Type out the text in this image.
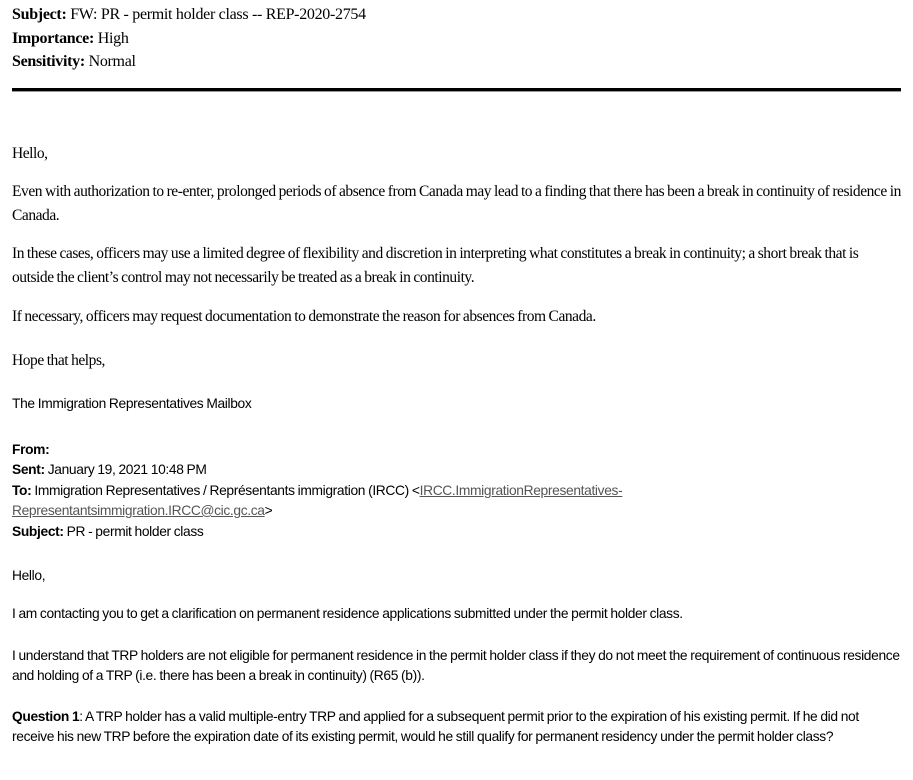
Subject: FW: PR - permit holder class -- REP-2020-2754
Importance: High
Sensitivity: Normal

Hello,

Even with authorization to re-enter, prolonged periods of absence from Canada may lead to a finding that there has been a break in continuity of residence in Canada.

In these cases, officers may use a limited degree of flexibility and discretion in interpreting what constitutes a break in continuity; a short break that is outside the client’s control may not necessarily be treated as a break in continuity.

If necessary, officers may request documentation to demonstrate the reason for absences from Canada.

Hope that helps,

The Immigration Representatives Mailbox

From:

Sent: January 19, 2021 10:48 PM

To: Immigration Representatives / Représentants immigration (IRCC) <IRCC.ImmigrationRepresentatives-Representantsimmigration.IRCC@cic.gc.ca>

Subject: PR - permit holder class

Hello,

I am contacting you to get a clarification on permanent residence applications submitted under the permit holder class.

I understand that TRP holders are not eligible for permanent residence in the permit holder class if they do not meet the requirement of continuous residence and holding of a TRP (i.e. there has been a break in continuity) (R65 (b)).

Question 1: A TRP holder has a valid multiple-entry TRP and applied for a subsequent permit prior to the expiration of his existing permit. If he did not receive his new TRP before the expiration date of its existing permit, would he still qualify for permanent residency under the permit holder class?
